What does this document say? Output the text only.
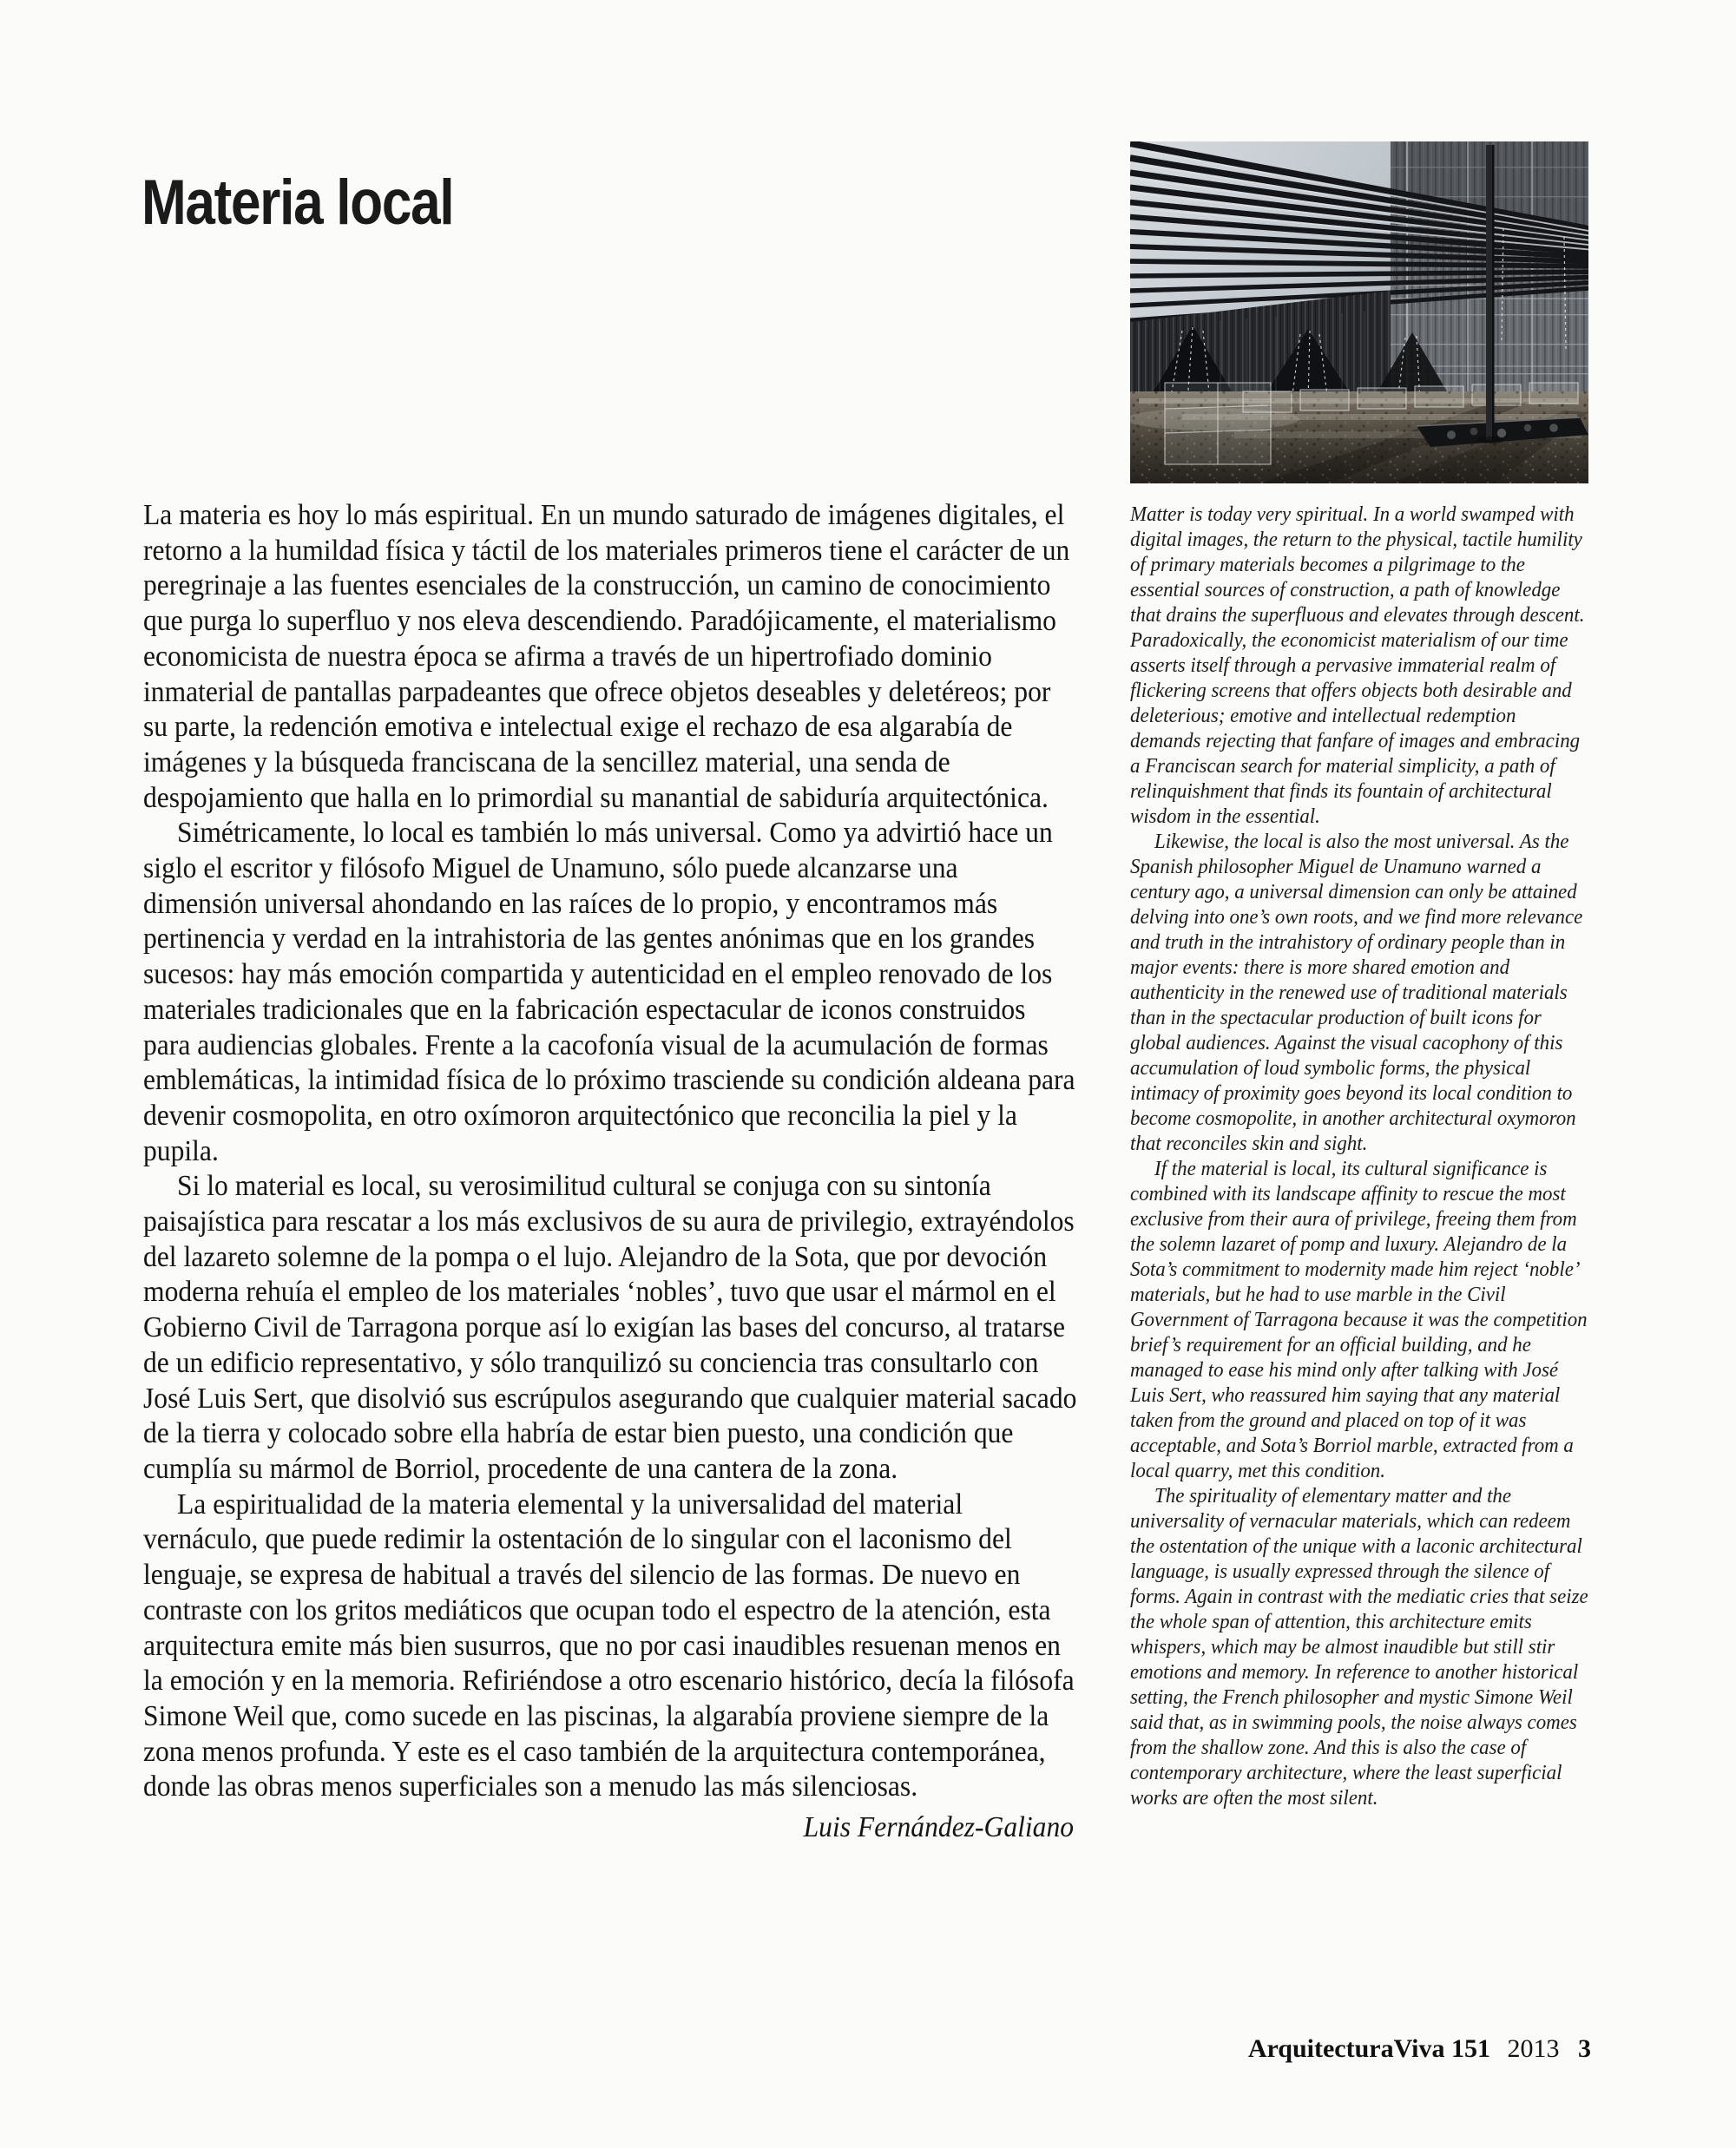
Materia local

La materia es hoy lo más espiritual. En un mundo saturado de imágenes digitales, el retorno a la humildad física y táctil de los materiales primeros tiene el carácter de un peregrinaje a las fuentes esenciales de la construcción, un camino de conocimiento que purga lo superfluo y nos eleva descendiendo. Paradójicamente, el materialismo economicista de nuestra época se afirma a través de un hipertrofiado dominio inmaterial de pantallas parpadeantes que ofrece objetos deseables y deletéreos; por su parte, la redención emotiva e intelectual exige el rechazo de esa algarabía de imágenes y la búsqueda franciscana de la sencillez material, una senda de despojamiento que halla en lo primordial su manantial de sabiduría arquitectónica.

Simétricamente, lo local es también lo más universal. Como ya advirtió hace un siglo el escritor y filósofo Miguel de Unamuno, sólo puede alcanzarse una dimensión universal ahondando en las raíces de lo propio, y encontramos más pertinencia y verdad en la intrahistoria de las gentes anónimas que en los grandes sucesos: hay más emoción compartida y autenticidad en el empleo renovado de los materiales tradicionales que en la fabricación espectacular de iconos construidos para audiencias globales. Frente a la cacofonía visual de la acumulación de formas emblemáticas, la intimidad física de lo próximo trasciende su condición aldeana para devenir cosmopolita, en otro oxímoron arquitectónico que reconcilia la piel y la pupila.

Si lo material es local, su verosimilitud cultural se conjuga con su sintonía paisajística para rescatar a los más exclusivos de su aura de privilegio, extrayéndolos del lazareto solemne de la pompa o el lujo. Alejandro de la Sota, que por devoción moderna rehuía el empleo de los materiales ‘nobles’, tuvo que usar el mármol en el Gobierno Civil de Tarragona porque así lo exigían las bases del concurso, al tratarse de un edificio representativo, y sólo tranquilizó su conciencia tras consultarlo con José Luis Sert, que disolvió sus escrúpulos asegurando que cualquier material sacado de la tierra y colocado sobre ella habría de estar bien puesto, una condición que cumplía su mármol de Borriol, procedente de una cantera de la zona.

La espiritualidad de la materia elemental y la universalidad del material vernáculo, que puede redimir la ostentación de lo singular con el laconismo del lenguaje, se expresa de habitual a través del silencio de las formas. De nuevo en contraste con los gritos mediáticos que ocupan todo el espectro de la atención, esta arquitectura emite más bien susurros, que no por casi inaudibles resuenan menos en la emoción y en la memoria. Refiriéndose a otro escenario histórico, decía la filósofa Simone Weil que, como sucede en las piscinas, la algarabía proviene siempre de la zona menos profunda. Y este es el caso también de la arquitectura contemporánea, donde las obras menos superficiales son a menudo las más silenciosas.

Luis Fernández-Galiano

Matter is today very spiritual. In a world swamped with digital images, the return to the physical, tactile humility of primary materials becomes a pilgrimage to the essential sources of construction, a path of knowledge that drains the superfluous and elevates through descent. Paradoxically, the economicist materialism of our time asserts itself through a pervasive immaterial realm of flickering screens that offers objects both desirable and deleterious; emotive and intellectual redemption demands rejecting that fanfare of images and embracing a Franciscan search for material simplicity, a path of relinquishment that finds its fountain of architectural wisdom in the essential.

Likewise, the local is also the most universal. As the Spanish philosopher Miguel de Unamuno warned a century ago, a universal dimension can only be attained delving into one’s own roots, and we find more relevance and truth in the intrahistory of ordinary people than in major events: there is more shared emotion and authenticity in the renewed use of traditional materials than in the spectacular production of built icons for global audiences. Against the visual cacophony of this accumulation of loud symbolic forms, the physical intimacy of proximity goes beyond its local condition to become cosmopolite, in another architectural oxymoron that reconciles skin and sight.

If the material is local, its cultural significance is combined with its landscape affinity to rescue the most exclusive from their aura of privilege, freeing them from the solemn lazaret of pomp and luxury. Alejandro de la Sota’s commitment to modernity made him reject ‘noble’ materials, but he had to use marble in the Civil Government of Tarragona because it was the competition brief’s requirement for an official building, and he managed to ease his mind only after talking with José Luis Sert, who reassured him saying that any material taken from the ground and placed on top of it was acceptable, and Sota’s Borriol marble, extracted from a local quarry, met this condition.

The spirituality of elementary matter and the universality of vernacular materials, which can redeem the ostentation of the unique with a laconic architectural language, is usually expressed through the silence of forms. Again in contrast with the mediatic cries that seize the whole span of attention, this architecture emits whispers, which may be almost inaudible but still stir emotions and memory. In reference to another historical setting, the French philosopher and mystic Simone Weil said that, as in swimming pools, the noise always comes from the shallow zone. And this is also the case of contemporary architecture, where the least superficial works are often the most silent.

ArquitecturaViva 151 2013 3
